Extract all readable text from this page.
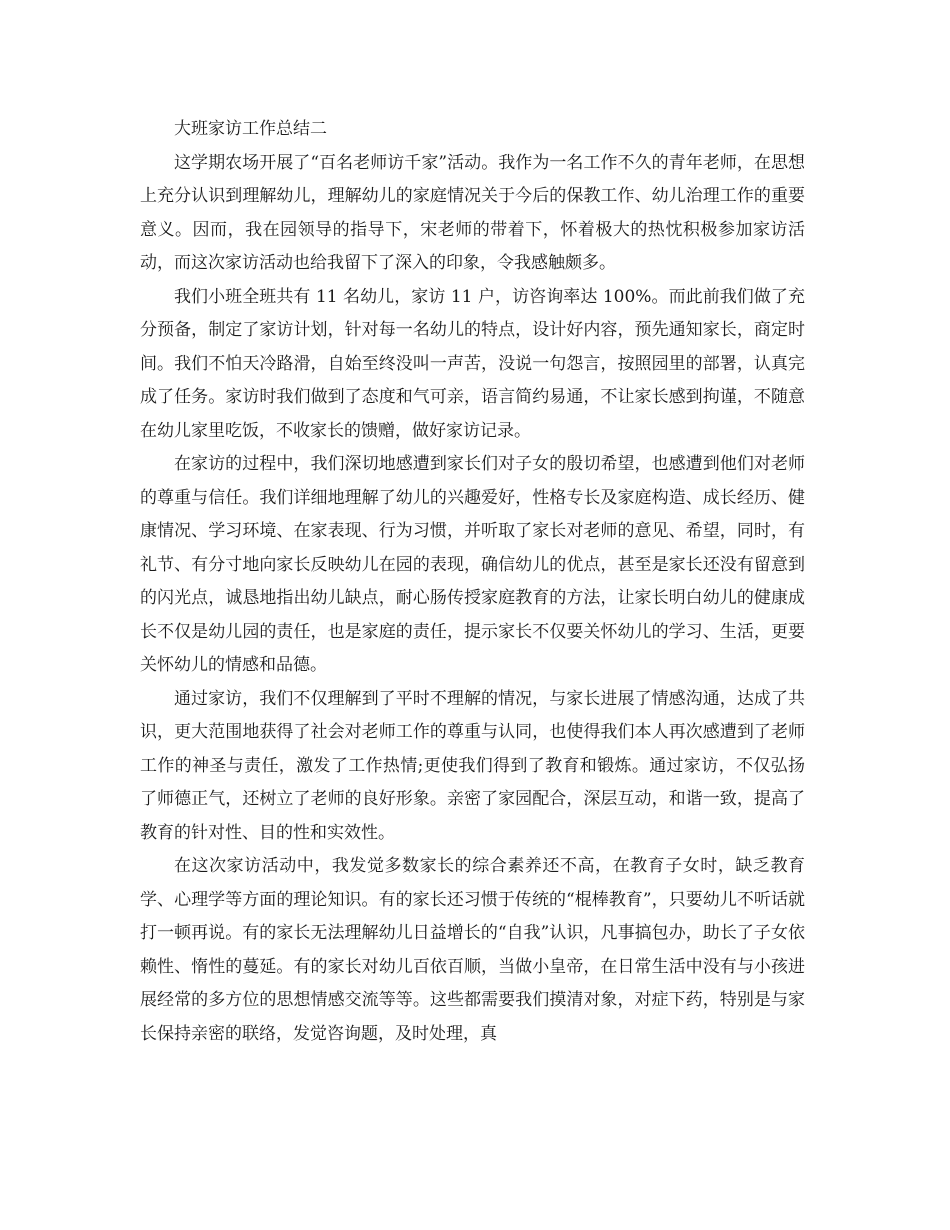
大班家访工作总结二

这学期农场开展了“百名老师访千家”活动。我作为一名工作不久的青年老师，在思想上充分认识到理解幼儿，理解幼儿的家庭情况关于今后的保教工作、幼儿治理工作的重要意义。因而，我在园领导的指导下，宋老师的带着下，怀着极大的热忱积极参加家访活动，而这次家访活动也给我留下了深入的印象，令我感触颇多。

我们小班全班共有 11 名幼儿，家访 11 户，访咨询率达 100%。而此前我们做了充分预备，制定了家访计划，针对每一名幼儿的特点，设计好内容，预先通知家长，商定时间。我们不怕天冷路滑，自始至终没叫一声苦，没说一句怨言，按照园里的部署，认真完成了任务。家访时我们做到了态度和气可亲，语言简约易通，不让家长感到拘谨，不随意在幼儿家里吃饭，不收家长的馈赠，做好家访记录。

在家访的过程中，我们深切地感遭到家长们对子女的殷切希望，也感遭到他们对老师的尊重与信任。我们详细地理解了幼儿的兴趣爱好，性格专长及家庭构造、成长经历、健康情况、学习环境、在家表现、行为习惯，并听取了家长对老师的意见、希望，同时，有礼节、有分寸地向家长反映幼儿在园的表现，确信幼儿的优点，甚至是家长还没有留意到的闪光点，诚恳地指出幼儿缺点，耐心肠传授家庭教育的方法，让家长明白幼儿的健康成长不仅是幼儿园的责任，也是家庭的责任，提示家长不仅要关怀幼儿的学习、生活，更要关怀幼儿的情感和品德。

通过家访，我们不仅理解到了平时不理解的情况，与家长进展了情感沟通，达成了共识，更大范围地获得了社会对老师工作的尊重与认同，也使得我们本人再次感遭到了老师工作的神圣与责任，激发了工作热情;更使我们得到了教育和锻炼。通过家访，不仅弘扬了师德正气，还树立了老师的良好形象。亲密了家园配合，深层互动，和谐一致，提高了教育的针对性、目的性和实效性。

在这次家访活动中，我发觉多数家长的综合素养还不高，在教育子女时，缺乏教育学、心理学等方面的理论知识。有的家长还习惯于传统的“棍棒教育”，只要幼儿不听话就打一顿再说。有的家长无法理解幼儿日益增长的“自我”认识，凡事搞包办，助长了子女依赖性、惰性的蔓延。有的家长对幼儿百依百顺，当做小皇帝，在日常生活中没有与小孩进展经常的多方位的思想情感交流等等。这些都需要我们摸清对象，对症下药，特别是与家长保持亲密的联络，发觉咨询题，及时处理，真
